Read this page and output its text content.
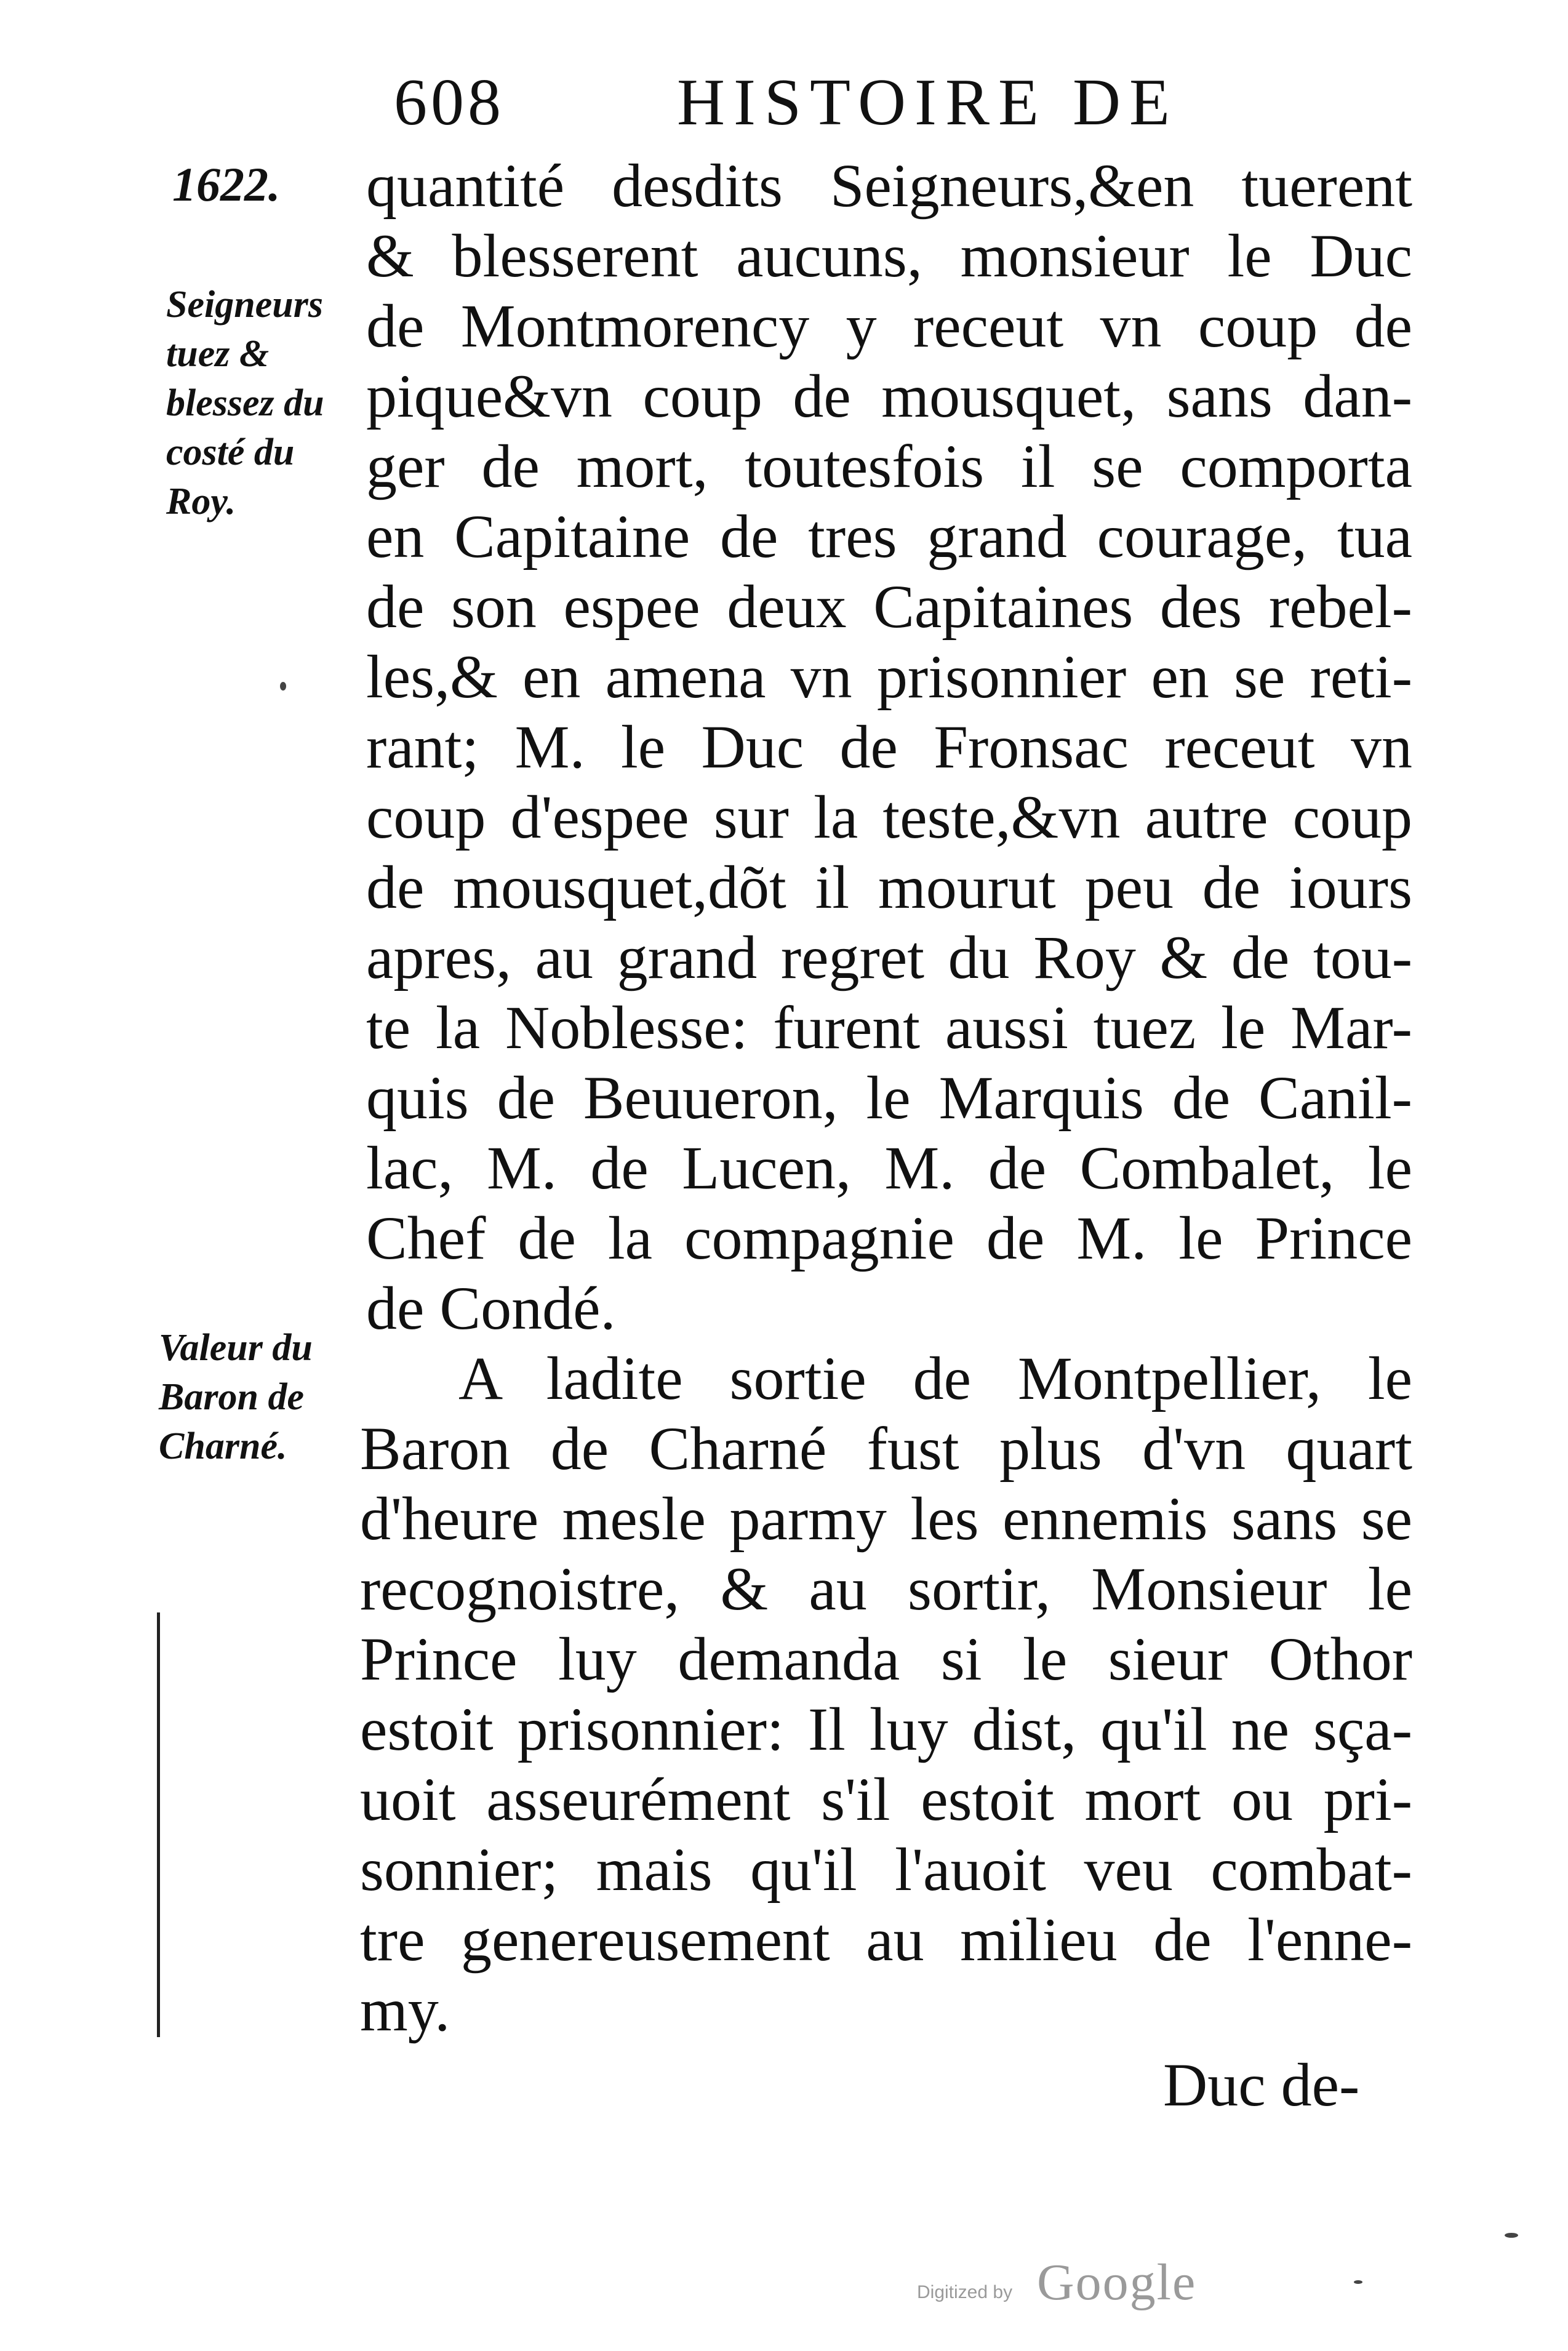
608	HISTOIRE DE
1622.
Seigneurs
tuez &
blessez du
costé du
Roy.
Valeur du
Baron de
Charné.
quantité desdits Seigneurs,&en tuerent
& blesserent aucuns, monsieur le Duc
de Montmorency y receut vn coup de
pique&vn coup de mousquet, sans dan-
ger de mort, toutesfois il se comporta
en Capitaine de tres grand courage, tua
de son espee deux Capitaines des rebel-
les,& en amena vn prisonnier en se reti-
rant; M. le Duc de Fronsac receut vn
coup d'espee sur la teste,&vn autre coup
de mousquet,dõt il mourut peu de iours
apres, au grand regret du Roy & de tou-
te la Noblesse: furent aussi tuez le Mar-
quis de Beuueron, le Marquis de Canil-
lac, M. de Lucen, M. de Combalet, le
Chef de la compagnie de M. le Prince
de Condé.
A ladite sortie de Montpellier, le
Baron de Charné fust plus d'vn quart
d'heure mesle parmy les ennemis sans se
recognoistre, & au sortir, Monsieur le
Prince luy demanda si le sieur Othor
estoit prisonnier: Il luy dist, qu'il ne sça-
uoit asseurément s'il estoit mort ou pri-
sonnier; mais qu'il l'auoit veu combat-
tre genereusement au milieu de l'enne-
my.
Duc de-
Digitized by Google
